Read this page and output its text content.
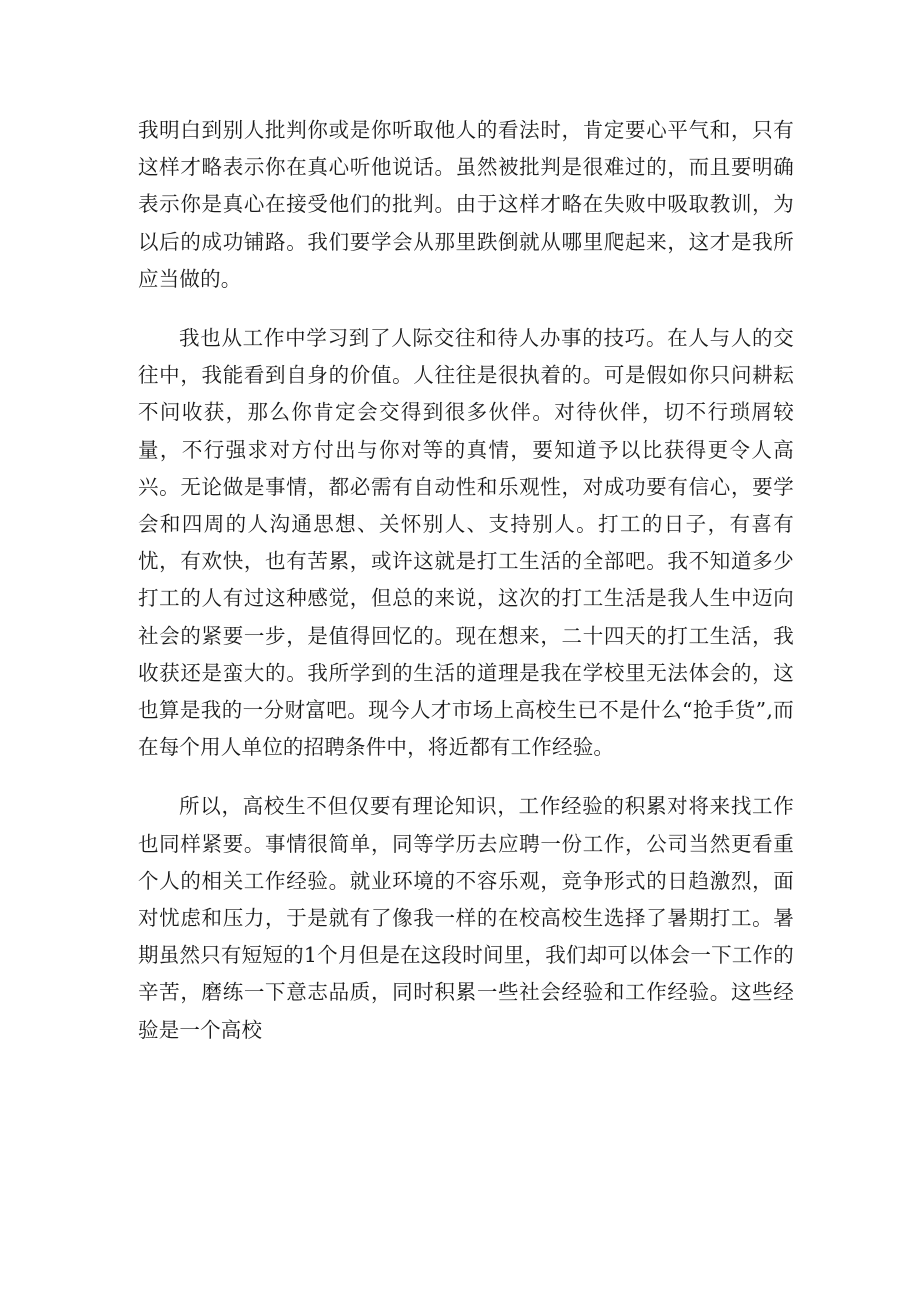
我明白到别人批判你或是你听取他人的看法时，肯定要心平气和，只有这样才略表示你在真心听他说话。虽然被批判是很难过的，而且要明确表示你是真心在接受他们的批判。由于这样才略在失败中吸取教训，为以后的成功铺路。我们要学会从那里跌倒就从哪里爬起来，这才是我所应当做的。

我也从工作中学习到了人际交往和待人办事的技巧。在人与人的交往中，我能看到自身的价值。人往往是很执着的。可是假如你只问耕耘不问收获，那么你肯定会交得到很多伙伴。对待伙伴，切不行琐屑较量，不行强求对方付出与你对等的真情，要知道予以比获得更令人高兴。无论做是事情，都必需有自动性和乐观性，对成功要有信心，要学会和四周的人沟通思想、关怀别人、支持别人。打工的日子，有喜有忧，有欢快，也有苦累，或许这就是打工生活的全部吧。我不知道多少打工的人有过这种感觉，但总的来说，这次的打工生活是我人生中迈向社会的紧要一步，是值得回忆的。现在想来，二十四天的打工生活，我收获还是蛮大的。我所学到的生活的道理是我在学校里无法体会的，这也算是我的一分财富吧。现今人才市场上高校生已不是什么“抢手货”,而在每个用人单位的招聘条件中，将近都有工作经验。

所以，高校生不但仅要有理论知识，工作经验的积累对将来找工作也同样紧要。事情很简单，同等学历去应聘一份工作，公司当然更看重个人的相关工作经验。就业环境的不容乐观，竞争形式的日趋激烈，面对忧虑和压力，于是就有了像我一样的在校高校生选择了暑期打工。暑期虽然只有短短的1个月但是在这段时间里，我们却可以体会一下工作的辛苦，磨练一下意志品质，同时积累一些社会经验和工作经验。这些经验是一个高校
